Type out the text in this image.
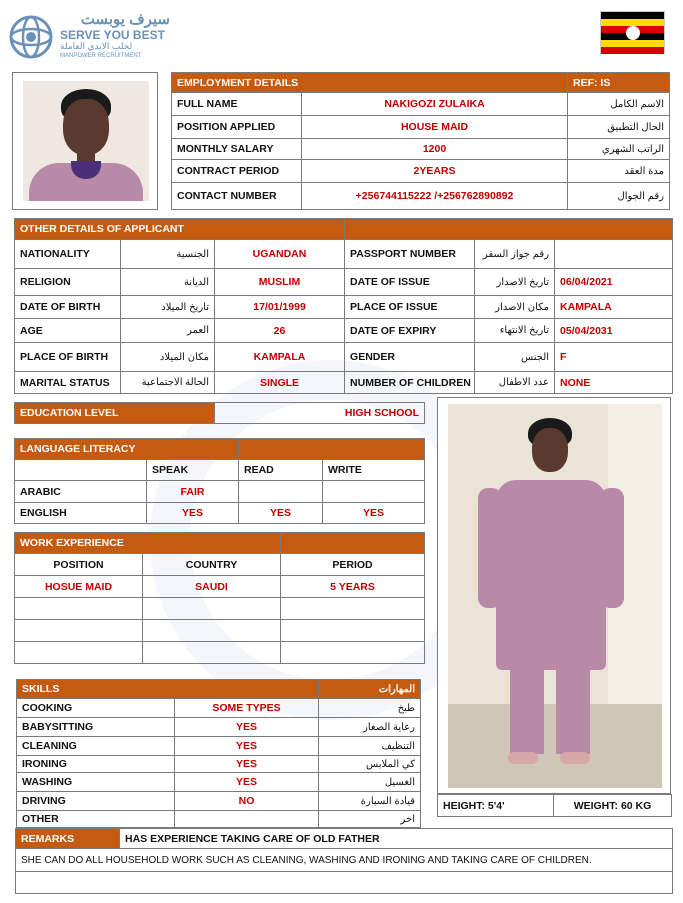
سيرف يوبست
SERVE YOU BEST
لجلب الايدي العاملة
MANPOWER RECRUITMENT
EMPLOYMENT DETAILS		REF: IS
FULL NAME	NAKIGOZI ZULAIKA	الاسم الكامل
POSITION APPLIED	HOUSE MAID	الحال التطبيق
MONTHLY SALARY	1200	الراتب الشهري
CONTRACT PERIOD	2YEARS	مدة العقد
CONTACT NUMBER	+256744115222 /+256762890892	رقم الجوال
OTHER DETAILS OF APPLICANT					
NATIONALITY	الجنسية	UGANDAN	PASSPORT NUMBER	رقم جواز السفر	
RELIGION	الديانة	MUSLIM	DATE OF ISSUE	تاريخ الاصدار	06/04/2021
DATE OF BIRTH	تاريخ الميلاد	17/01/1999	PLACE OF ISSUE	مكان الاصدار	KAMPALA
AGE	العمر	26	DATE OF EXPIRY	تاريخ الانتهاء	05/04/2031
PLACE OF BIRTH	مكان الميلاد	KAMPALA	GENDER	الجنس	F
MARITAL STATUS	الحالة الاجتماعية	SINGLE	NUMBER OF CHILDREN	عدد الاطفال	NONE
EDUCATION LEVEL	HIGH SCHOOL
LANGUAGE LITERACY			
	SPEAK	READ	WRITE
ARABIC	FAIR		
ENGLISH	YES	YES	YES
WORK EXPERIENCE		
POSITION	COUNTRY	PERIOD
HOSUE MAID	SAUDI	5 YEARS

SKILLS		المهارات
COOKING	SOME TYPES	طبخ
BABYSITTING	YES	رعاية الصغار
CLEANING	YES	التنظيف
IRONING	YES	كي الملابس
WASHING	YES	الغسيل
DRIVING	NO	قيادة السيارة
OTHER		اخر
HEIGHT: 5'4'	WEIGHT: 60 KG
REMARKS	HAS EXPERIENCE TAKING CARE OF OLD FATHER
SHE CAN DO ALL HOUSEHOLD WORK SUCH AS CLEANING, WASHING AND IRONING AND TAKING CARE OF CHILDREN.
